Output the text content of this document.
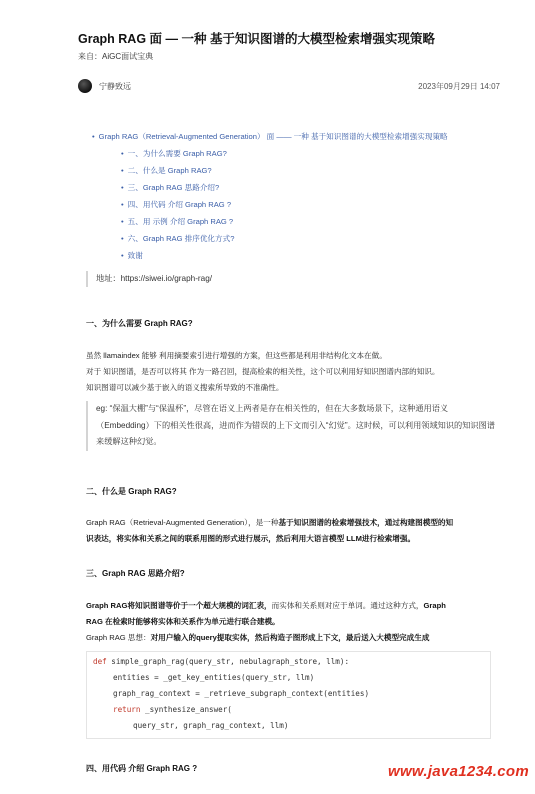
Graph RAG 面 — 一种 基于知识图谱的大模型检索增强实现策略
来自：AiGC面试宝典
宁静致远	2023年09月29日 14:07
• Graph RAG（Retrieval-Augmented Generation） 面 —— 一种 基于知识图谱的大模型检索增强实现策略
• 一、为什么需要 Graph RAG?
• 二、什么是 Graph RAG?
• 三、Graph RAG 思路介绍?
• 四、用代码 介绍 Graph RAG ?
• 五、用 示例 介绍 Graph RAG ?
• 六、Graph RAG 排序优化方式?
• 致谢
地址：https://siwei.io/graph-rag/
一、为什么需要 Graph RAG?
虽然 llamaindex 能够 利用摘要索引进行增强的方案，但这些都是利用非结构化文本在做。
对于 知识图谱，是否可以将其 作为一路召回，提高检索的相关性，这个可以利用好知识图谱内部的知识。
知识图谱可以减少基于嵌入的语义搜索所导致的不准确性。
eg: “保温大棚”与“保温杯”，尽管在语义上两者是存在相关性的，但在大多数场景下，这种通用语义（Embedding）下的相关性很高，进而作为错误的上下文而引入“幻觉”。这时候，可以利用领域知识的知识图谱来缓解这种幻觉。
二、什么是 Graph RAG?
Graph RAG（Retrieval-Augmented Generation），是一种基于知识图谱的检索增强技术，通过构建图模型的知
识表达，将实体和关系之间的联系用图的形式进行展示，然后利用大语言模型 LLM进行检索增强。
三、Graph RAG 思路介绍?
Graph RAG将知识图谱等价于一个超大规模的词汇表，而实体和关系则对应于单词。通过这种方式，Graph
RAG 在检索时能够将实体和关系作为单元进行联合建模。
Graph RAG 思想：对用户输入的query提取实体，然后构造子图形成上下文，最后送入大模型完成生成
def simple_graph_rag(query_str, nebulagraph_store, llm):
entities = _get_key_entities(query_str, llm)
graph_rag_context = _retrieve_subgraph_context(entities)
return _synthesize_answer(
query_str, graph_rag_context, llm)
四、用代码 介绍 Graph RAG ?	www.java1234.com
